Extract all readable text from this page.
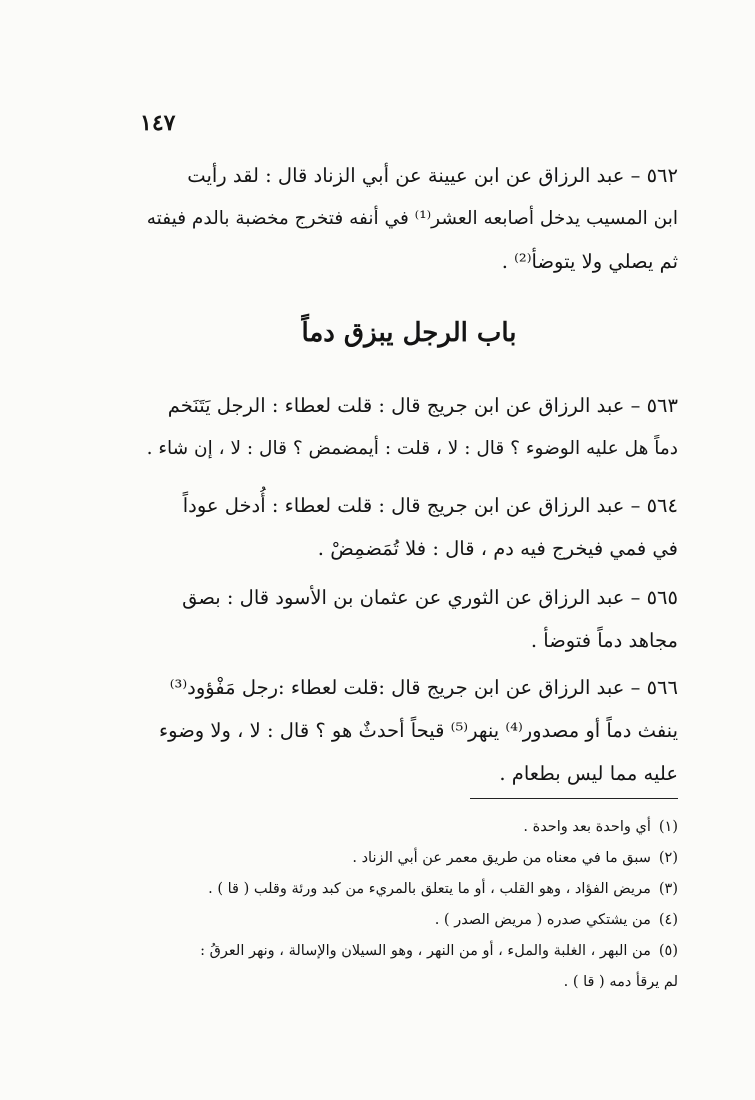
١٤٧
٥٦٢ – عبد الرزاق عن ابن عيينة عن أبي الزناد قال : لقد رأيت
ابن المسيب يدخل أصابعه العشر⁽¹⁾ في أنفه فتخرج مخضبة بالدم فيفته
ثم يصلي ولا يتوضأ⁽²⁾ .
باب الرجل يبزق دماً
٥٦٣ – عبد الرزاق عن ابن جريج قال : قلت لعطاء : الرجل يَتَنَخم
دماً هل عليه الوضوء ؟ قال : لا ، قلت : أيمضمض ؟ قال : لا ، إن شاء .
٥٦٤ – عبد الرزاق عن ابن جريج قال : قلت لعطاء : أُدخل عوداً
في فمي فيخرج فيه دم ، قال : فلا تُمَضمِضْ .
٥٦٥ – عبد الرزاق عن الثوري عن عثمان بن الأسود قال : بصق
مجاهد دماً فتوضأ .
٥٦٦ – عبد الرزاق عن ابن جريج قال :قلت لعطاء :رجل مَفْؤود⁽³⁾
ينفث دماً أو مصدور⁽⁴⁾ ينهر⁽⁵⁾ قيحاً أحدثٌ هو ؟ قال : لا ، ولا وضوء
عليه مما ليس بطعام .
(١)أي واحدة بعد واحدة .
(٢)سبق ما في معناه من طريق معمر عن أبي الزناد .
(٣)مريض الفؤاد ، وهو القلب ، أو ما يتعلق بالمريء من كبد ورئة وقلب ( قا ) .
(٤)من يشتكي صدره ( مريض الصدر ) .
(٥)من البهر ، الغلبة والملء ، أو من النهر ، وهو السيلان والإسالة ، ونهر العرقُ :
لم يرقأ دمه ( قا ) .
